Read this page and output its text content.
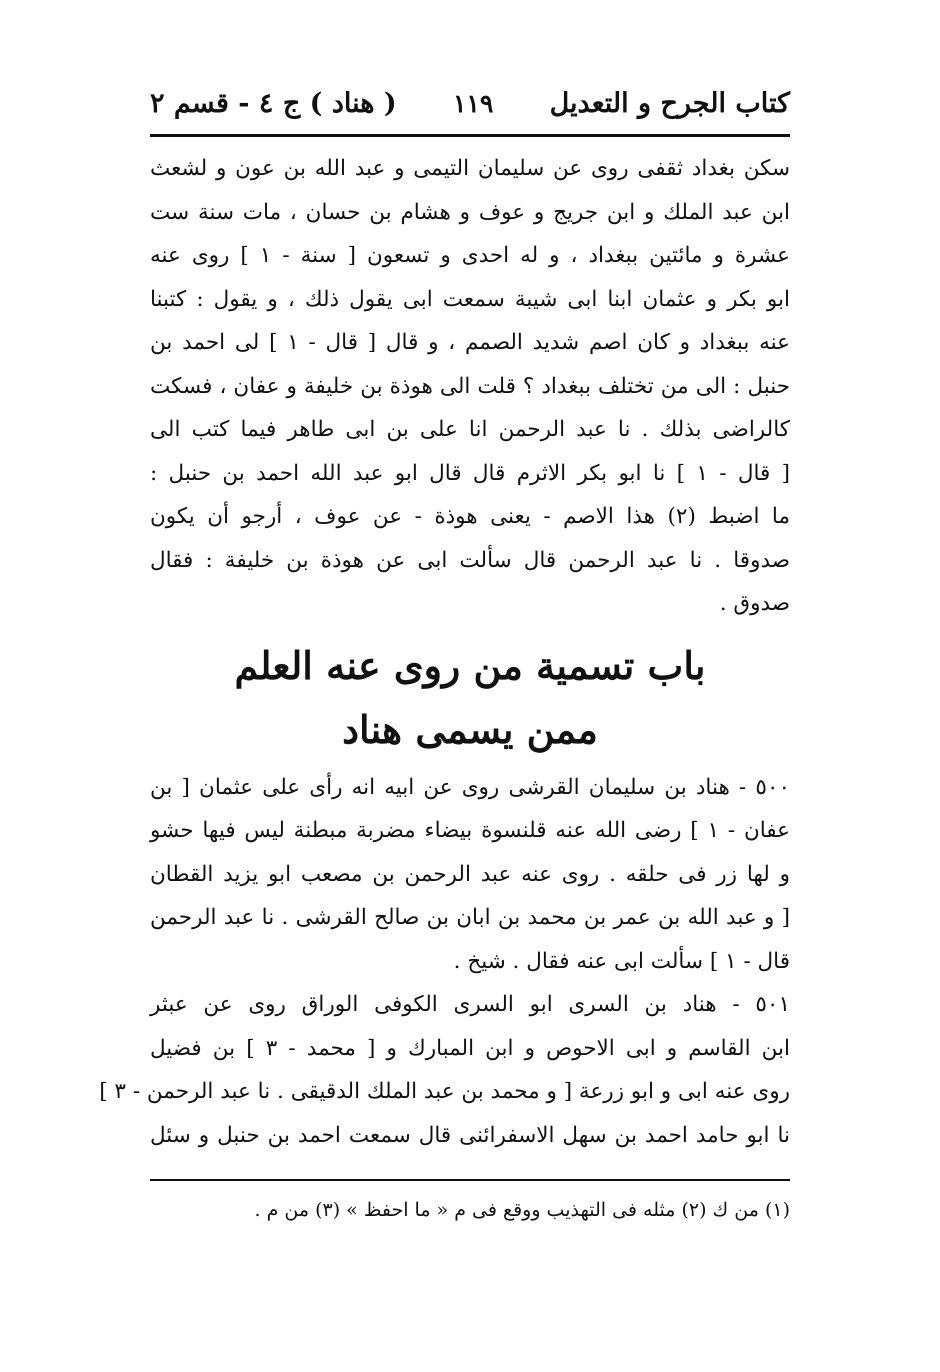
كتاب الجرح و التعديل
١١٩
( هناد ) ج ٤ - قسم ٢
سكن بغداد ثقفى روى عن سليمان التيمى و عبد الله بن عون و لشعث
ابن عبد الملك و ابن جريج و عوف و هشام بن حسان ، مات سنة ست
عشرة و مائتين ببغداد ، و له احدى و تسعون [ سنة - ١ ] روى عنه
ابو بكر و عثمان ابنا ابى شيبة سمعت ابى يقول ذلك ، و يقول : كتبنا
عنه ببغداد و كان اصم شديد الصمم ، و قال [ قال - ١ ] لى احمد بن
حنبل : الى من تختلف ببغداد ؟ قلت الى هوذة بن خليفة و عفان ، فسكت
كالراضى بذلك . نا عبد الرحمن انا على بن ابى طاهر فيما كتب الى
[ قال - ١ ] نا ابو بكر الاثرم قال قال ابو عبد الله احمد بن حنبل :
ما اضبط (٢) هذا الاصم - يعنى هوذة - عن عوف ، أرجو أن يكون
صدوقا . نا عبد الرحمن قال سألت ابى عن هوذة بن خليفة : فقال
صدوق .
باب تسمية من روى عنه العلم
ممن يسمى هناد
٥٠٠ - هناد بن سليمان القرشى روى عن ابيه انه رأى على عثمان [ بن
عفان - ١ ] رضى الله عنه قلنسوة بيضاء مضربة مبطنة ليس فيها حشو
و لها زر فى حلقه . روى عنه عبد الرحمن بن مصعب ابو يزيد القطان
[ و عبد الله بن عمر بن محمد بن ابان بن صالح القرشى . نا عبد الرحمن
قال - ١ ] سألت ابى عنه فقال . شيخ .
٥٠١ - هناد بن السرى ابو السرى الكوفى الوراق روى عن عبثر
ابن القاسم و ابى الاحوص و ابن المبارك و [ محمد - ٣ ] بن فضيل
روى عنه ابى و ابو زرعة [ و محمد بن عبد الملك الدقيقى . نا عبد الرحمن - ٣ ]
نا ابو حامد احمد بن سهل الاسفرائنى قال سمعت احمد بن حنبل و سئل
(١) من ك (٢) مثله فى التهذيب ووقع فى م « ما احفظ » (٣) من م .
